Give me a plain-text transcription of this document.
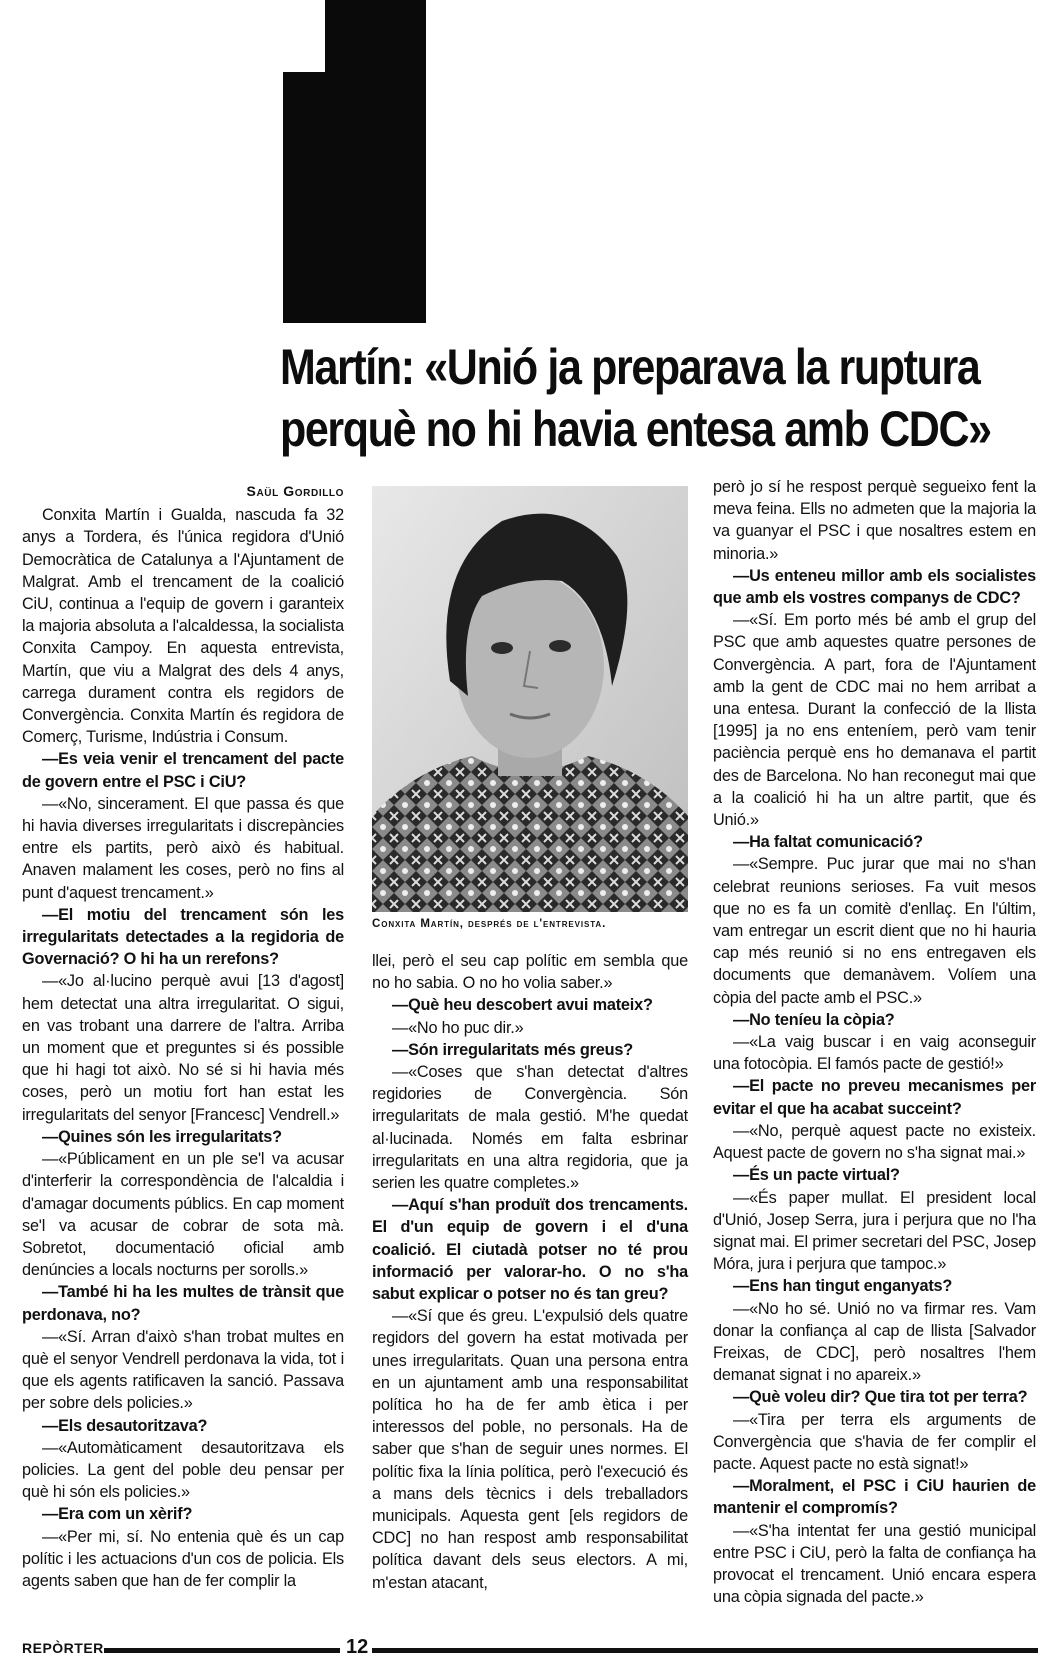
Martín: «Unió ja preparava la ruptura
perquè no hi havia entesa amb CDC»
Saül Gordillo

Conxita Martín i Gualda, nascuda fa 32 anys a Tordera, és l'única regidora d'Unió Democràtica de Catalunya a l'Ajuntament de Malgrat. Amb el trencament de la coalició CiU, continua a l'equip de govern i garanteix la majoria absoluta a l'alcaldessa, la socialista Conxita Campoy. En aquesta entrevista, Martín, que viu a Malgrat des dels 4 anys, carrega durament contra els regidors de Convergència. Conxita Martín és regidora de Comerç, Turisme, Indústria i Consum.

—Es veia venir el trencament del pacte de govern entre el PSC i CiU?

—«No, sincerament. El que passa és que hi havia diverses irregularitats i discrepàncies entre els partits, però això és habitual. Anaven malament les coses, però no fins al punt d'aquest trencament.»

—El motiu del trencament són les irregularitats detectades a la regidoria de Governació? O hi ha un rerefons?

—«Jo al·lucino perquè avui [13 d'agost] hem detectat una altra irregularitat. O sigui, en vas trobant una darrere de l'altra. Arriba un moment que et preguntes si és possible que hi hagi tot això. No sé si hi havia més coses, però un motiu fort han estat les irregularitats del senyor [Francesc] Vendrell.»

—Quines són les irregularitats?

—«Públicament en un ple se'l va acusar d'interferir la correspondència de l'alcaldia i d'amagar documents públics. En cap moment se'l va acusar de cobrar de sota mà. Sobretot, documentació oficial amb denúncies a locals nocturns per sorolls.»

—També hi ha les multes de trànsit que perdonava, no?

—«Sí. Arran d'això s'han trobat multes en què el senyor Vendrell perdonava la vida, tot i que els agents ratificaven la sanció. Passava per sobre dels policies.»

—Els desautoritzava?

—«Automàticament desautoritzava els policies. La gent del poble deu pensar per què hi són els policies.»

—Era com un xèrif?

—«Per mi, sí. No entenia què és un cap polític i les actuacions d'un cos de policia. Els agents saben que han de fer complir la

Conxita Martín, després de l'entrevista.

llei, però el seu cap polític em sembla que no ho sabia. O no ho volia saber.»

—Què heu descobert avui mateix?

—«No ho puc dir.»

—Són irregularitats més greus?

—«Coses que s'han detectat d'altres regidories de Convergència. Són irregularitats de mala gestió. M'he quedat al·lucinada. Només em falta esbrinar irregularitats en una altra regidoria, que ja serien les quatre completes.»

—Aquí s'han produït dos trencaments. El d'un equip de govern i el d'una coalició. El ciutadà potser no té prou informació per valorar-ho. O no s'ha sabut explicar o potser no és tan greu?

—«Sí que és greu. L'expulsió dels quatre regidors del govern ha estat motivada per unes irregularitats. Quan una persona entra en un ajuntament amb una responsabilitat política ho ha de fer amb ètica i per interessos del poble, no personals. Ha de saber que s'han de seguir unes normes. El polític fixa la línia política, però l'execució és a mans dels tècnics i dels treballadors municipals. Aquesta gent [els regidors de CDC] no han respost amb responsabilitat política davant dels seus electors. A mi, m'estan atacant,

però jo sí he respost perquè segueixo fent la meva feina. Ells no admeten que la majoria la va guanyar el PSC i que nosaltres estem en minoria.»

—Us enteneu millor amb els socialistes que amb els vostres companys de CDC?

—«Sí. Em porto més bé amb el grup del PSC que amb aquestes quatre persones de Convergència. A part, fora de l'Ajuntament amb la gent de CDC mai no hem arribat a una entesa. Durant la confecció de la llista [1995] ja no ens enteníem, però vam tenir paciència perquè ens ho demanava el partit des de Barcelona. No han reconegut mai que a la coalició hi ha un altre partit, que és Unió.»

—Ha faltat comunicació?

—«Sempre. Puc jurar que mai no s'han celebrat reunions serioses. Fa vuit mesos que no es fa un comitè d'enllaç. En l'últim, vam entregar un escrit dient que no hi hauria cap més reunió si no ens entregaven els documents que demanàvem. Volíem una còpia del pacte amb el PSC.»

—No teníeu la còpia?

—«La vaig buscar i en vaig aconseguir una fotocòpia. El famós pacte de gestió!»

—El pacte no preveu mecanismes per evitar el que ha acabat succeint?

—«No, perquè aquest pacte no existeix. Aquest pacte de govern no s'ha signat mai.»

—És un pacte virtual?

—«És paper mullat. El president local d'Unió, Josep Serra, jura i perjura que no l'ha signat mai. El primer secretari del PSC, Josep Móra, jura i perjura que tampoc.»

—Ens han tingut enganyats?

—«No ho sé. Unió no va firmar res. Vam donar la confiança al cap de llista [Salvador Freixas, de CDC], però nosaltres l'hem demanat signat i no apareix.»

—Què voleu dir? Que tira tot per terra?

—«Tira per terra els arguments de Convergència que s'havia de fer complir el pacte. Aquest pacte no està signat!»

—Moralment, el PSC i CiU haurien de mantenir el compromís?

—«S'ha intentat fer una gestió municipal entre PSC i CiU, però la falta de confiança ha provocat el trencament. Unió encara espera una còpia signada del pacte.»

REPÒRTER	12
